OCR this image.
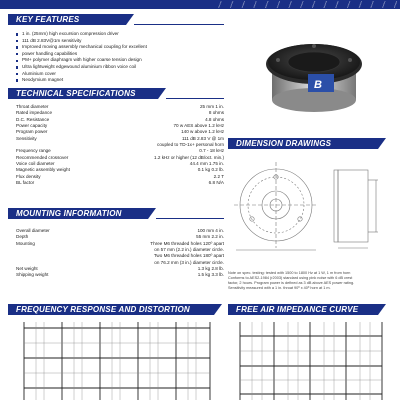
KEY FEATURES
1 in. (25mm) high excursion compression driver
111 dB 2.83V@1m sensitivity
Improved moving assembly mechanical coupling for excellent
power handling capabilities
PM+ polymer diaphragm with higher coarse tension design
Ultra lightweight edgewound aluminium ribbon voice coil
Aluminium cover
Neodymium magnet	B
TECHNICAL SPECIFICATIONS
Throat diameter	25 mm 1 in.
Rated impedance	8 ohms
D.C. Resistance	4.8 ohms
Power capacity	70 w AES above 1.2 kHz
Program power	140 w above 1.2 kHz
Sensitivity	111 dB 2.83 V @ 1m
	coupled to TD-1x+ personal horn
Frequency range	0.7 - 18 kHz
Recommended crossover	1.2 kHz or higher (12 dB/oct. min.)
Voice coil diameter	44.4 mm 1.75 in.
Magnetic assembly weight	0.1 kg 0.2 lb.
Flux density	2.2 T
BL factor	6.8 N/A
DIMENSION DRAWINGS
Note on spec. testing: tested with 1500 to 1800 Hz at 1 W, 1 m from horn
Conforms to AES2-1984 (r2003) standard using pink noise with 6 dB crest
factor, 2 hours. Program power is defined as 3 dB above AES power rating.
Sensitivity measured with a 1 in. throat 90º x 40º horn at 1 m.
MOUNTING INFORMATION
Overall diameter	100 mm 4 in.
Depth	55 mm 2.2 in.
Mounting	Three M6 threaded holes 120º apart
	on 57 mm (2.2 in.) diameter circle.
	Two M6 threaded holes 180º apart
	on 76.2 mm (3 in.) diameter circle.

Net weight	1.3 kg 2.8 lb.
Shipping weight	1.5 kg 3.3 lb.
FREQUENCY RESPONSE AND DISTORTION	FREE AIR IMPEDANCE CURVE
